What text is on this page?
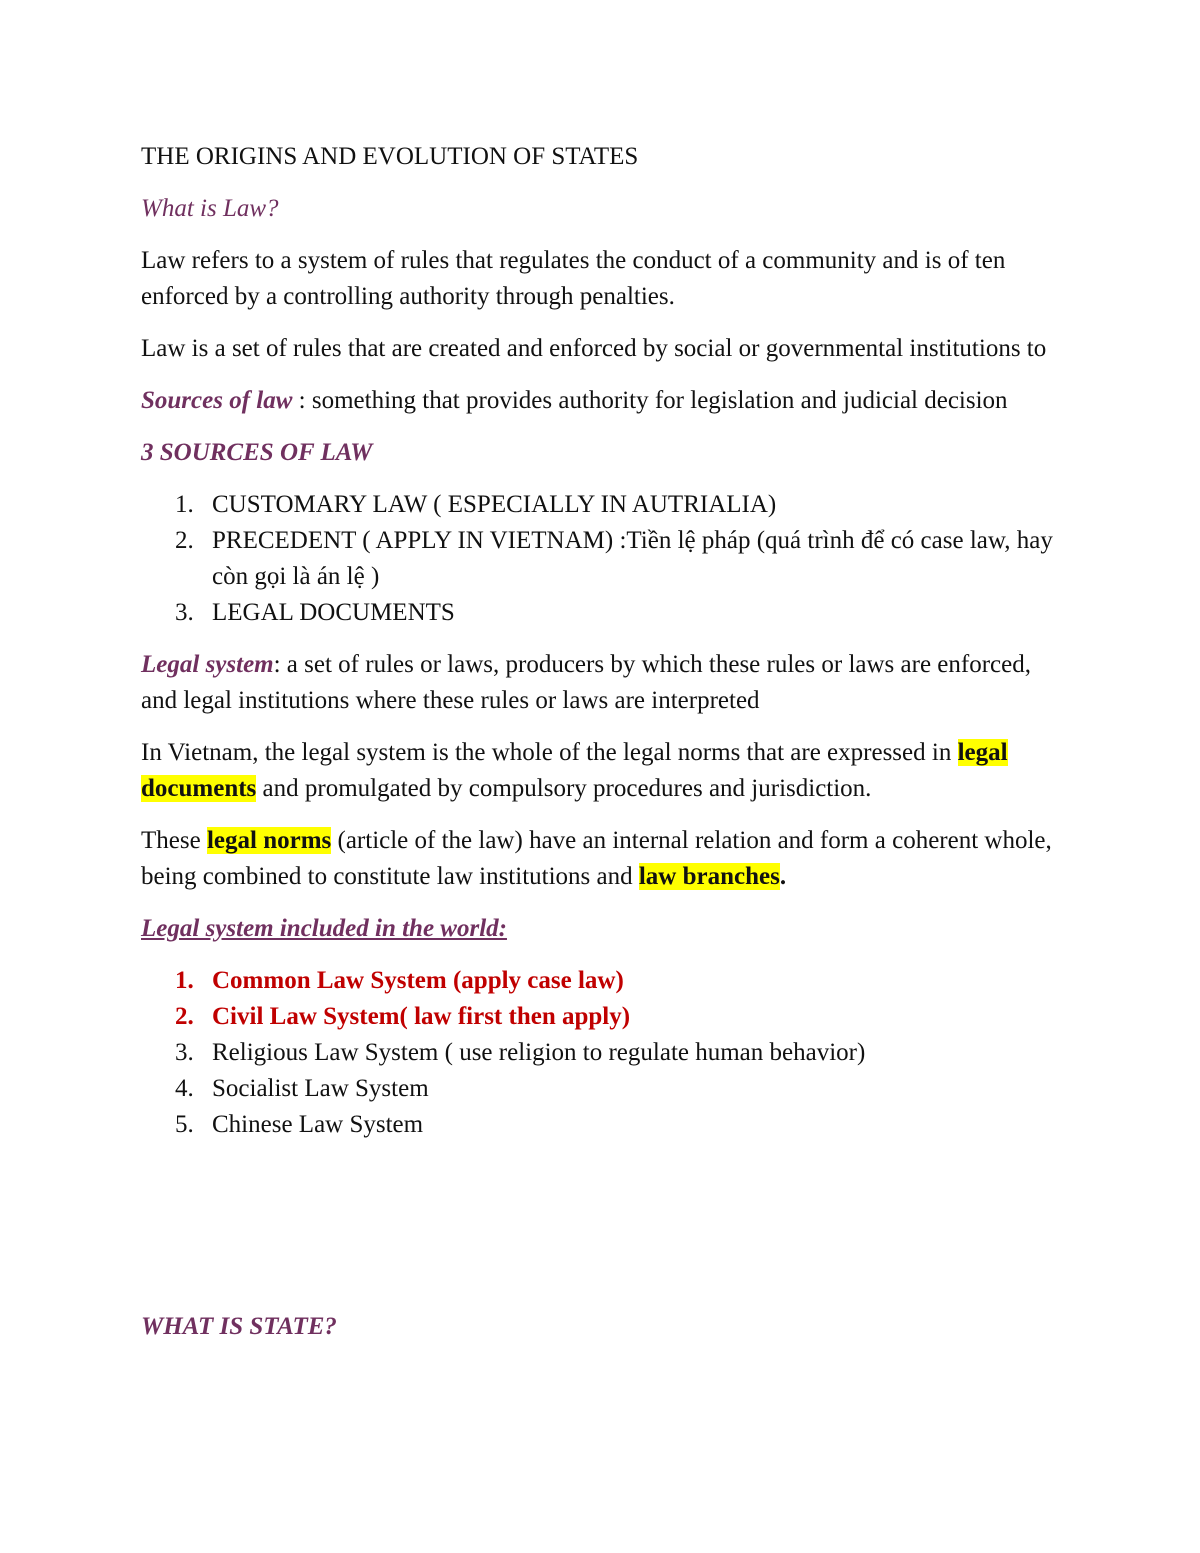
THE ORIGINS AND EVOLUTION OF STATES

What is Law?

Law refers to a system of rules that regulates the conduct of a community and is of ten enforced by a controlling authority through penalties.

Law is a set of rules that are created and enforced by social or governmental institutions to

Sources of law : something that provides authority for legislation and judicial decision

3 SOURCES OF LAW

1. CUSTOMARY LAW ( ESPECIALLY IN AUTRIALIA)
2. PRECEDENT ( APPLY IN VIETNAM) :Tiền lệ pháp (quá trình để có case law, hay còn gọi là án lệ )
3. LEGAL DOCUMENTS

Legal system: a set of rules or laws, producers by which these rules or laws are enforced, and legal institutions where these rules or laws are interpreted

In Vietnam, the legal system is the whole of the legal norms that are expressed in legal documents and promulgated by compulsory procedures and jurisdiction.

These legal norms (article of the law) have an internal relation and form a coherent whole, being combined to constitute law institutions and law branches.

Legal system included in the world:

1. Common Law System (apply case law)
2. Civil Law System( law first then apply)
3. Religious Law System ( use religion to regulate human behavior)
4. Socialist Law System
5. Chinese Law System

WHAT IS STATE?
